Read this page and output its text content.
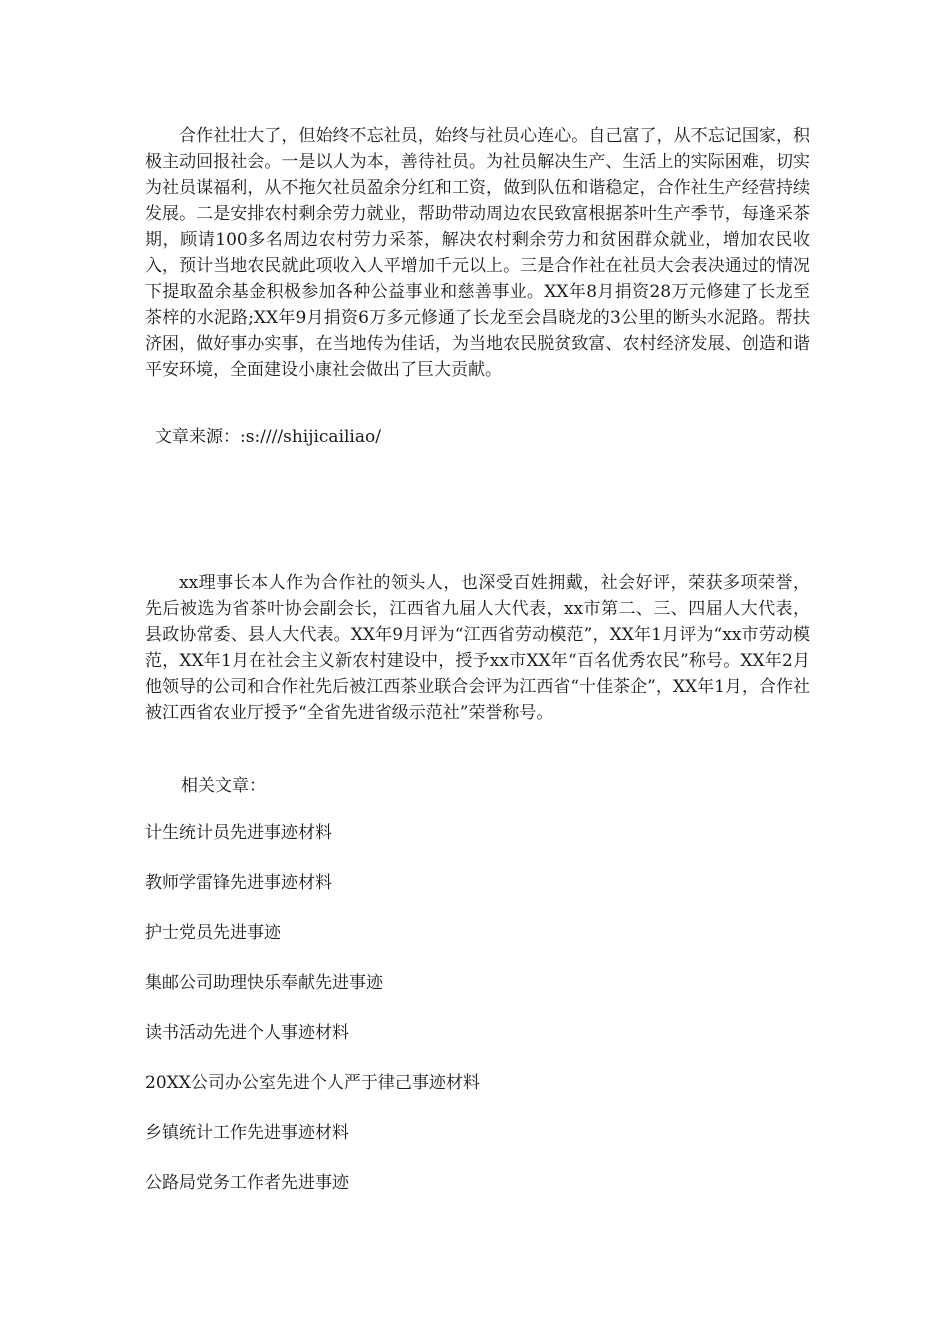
合作社壮大了，但始终不忘社员，始终与社员心连心。自己富了，从不忘记国家，积极主动回报社会。一是以人为本，善待社员。为社员解决生产、生活上的实际困难，切实为社员谋福利，从不拖欠社员盈余分红和工资，做到队伍和谐稳定，合作社生产经营持续发展。二是安排农村剩余劳力就业，帮助带动周边农民致富根据茶叶生产季节，每逢采茶期，顾请100多名周边农村劳力采茶，解决农村剩余劳力和贫困群众就业，增加农民收入，预计当地农民就此项收入人平增加千元以上。三是合作社在社员大会表决通过的情况下提取盈余基金积极参加各种公益事业和慈善事业。XX年8月捐资28万元修建了长龙至茶梓的水泥路;XX年9月捐资6万多元修通了长龙至会昌晓龙的3公里的断头水泥路。帮扶济困，做好事办实事，在当地传为佳话，为当地农民脱贫致富、农村经济发展、创造和谐平安环境，全面建设小康社会做出了巨大贡献。

文章来源：:s:////shijicailiao/

xx理事长本人作为合作社的领头人，也深受百姓拥戴，社会好评，荣获多项荣誉，先后被选为省茶叶协会副会长，江西省九届人大代表，xx市第二、三、四届人大代表，县政协常委、县人大代表。XX年9月评为“江西省劳动模范”，XX年1月评为“xx市劳动模范，XX年1月在社会主义新农村建设中，授予xx市XX年“百名优秀农民”称号。XX年2月他领导的公司和合作社先后被江西茶业联合会评为江西省“十佳茶企”，XX年1月，合作社被江西省农业厅授予“全省先进省级示范社”荣誉称号。

相关文章：
计生统计员先进事迹材料
教师学雷锋先进事迹材料
护士党员先进事迹
集邮公司助理快乐奉献先进事迹
读书活动先进个人事迹材料
20XX公司办公室先进个人严于律己事迹材料
乡镇统计工作先进事迹材料
公路局党务工作者先进事迹
